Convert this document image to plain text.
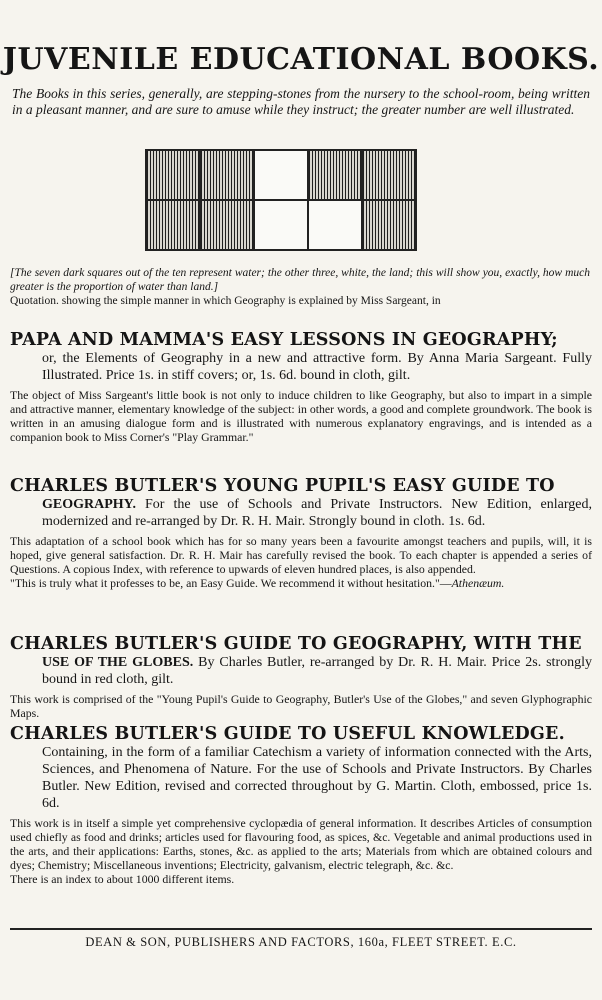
JUVENILE EDUCATIONAL BOOKS.
The Books in this series, generally, are stepping-stones from the nursery to the school-room, being written in a pleasant manner, and are sure to amuse while they instruct; the greater number are well illustrated.
[The seven dark squares out of the ten represent water; the other three, white, the land; this will show you, exactly, how much greater is the proportion of water than land.]
Quotation. showing the simple manner in which Geography is explained by Miss Sargeant, in
PAPA AND MAMMA'S EASY LESSONS IN GEOGRAPHY;
or, the Elements of Geography in a new and attractive form. By Anna Maria Sargeant. Fully Illustrated. Price 1s. in stiff covers; or, 1s. 6d. bound in cloth, gilt.
The object of Miss Sargeant's little book is not only to induce children to like Geography, but also to impart in a simple and attractive manner, elementary knowledge of the subject: in other words, a good and complete groundwork. The book is written in an amusing dialogue form and is illustrated with numerous explanatory engravings, and is intended as a companion book to Miss Corner's "Play Grammar."
CHARLES BUTLER'S YOUNG PUPIL'S EASY GUIDE TO
GEOGRAPHY. For the use of Schools and Private Instructors. New Edition, enlarged, modernized and re-arranged by Dr. R. H. Mair. Strongly bound in cloth. 1s. 6d.
This adaptation of a school book which has for so many years been a favourite amongst teachers and pupils, will, it is hoped, give general satisfaction. Dr. R. H. Mair has carefully revised the book. To each chapter is appended a series of Questions. A copious Index, with reference to upwards of eleven hundred places, is also appended.
"This is truly what it professes to be, an Easy Guide. We recommend it without hesitation."—Athenæum.
CHARLES BUTLER'S GUIDE TO GEOGRAPHY, WITH THE
USE OF THE GLOBES. By Charles Butler, re-arranged by Dr. R. H. Mair. Price 2s. strongly bound in red cloth, gilt.
This work is comprised of the "Young Pupil's Guide to Geography, Butler's Use of the Globes," and seven Glyphographic Maps.
CHARLES BUTLER'S GUIDE TO USEFUL KNOWLEDGE.
Containing, in the form of a familiar Catechism a variety of information connected with the Arts, Sciences, and Phenomena of Nature. For the use of Schools and Private Instructors. By Charles Butler. New Edition, revised and corrected throughout by G. Martin. Cloth, embossed, price 1s. 6d.
This work is in itself a simple yet comprehensive cyclopædia of general information. It describes Articles of consumption used chiefly as food and drinks; articles used for flavouring food, as spices, &c. Vegetable and animal productions used in the arts, and their applications: Earths, stones, &c. as applied to the arts; Materials from which are obtained colours and dyes; Chemistry; Miscellaneous inventions; Electricity, galvanism, electric telegraph, &c. &c.
There is an index to about 1000 different items.
DEAN & SON, PUBLISHERS AND FACTORS, 160a, FLEET STREET. E.C.
